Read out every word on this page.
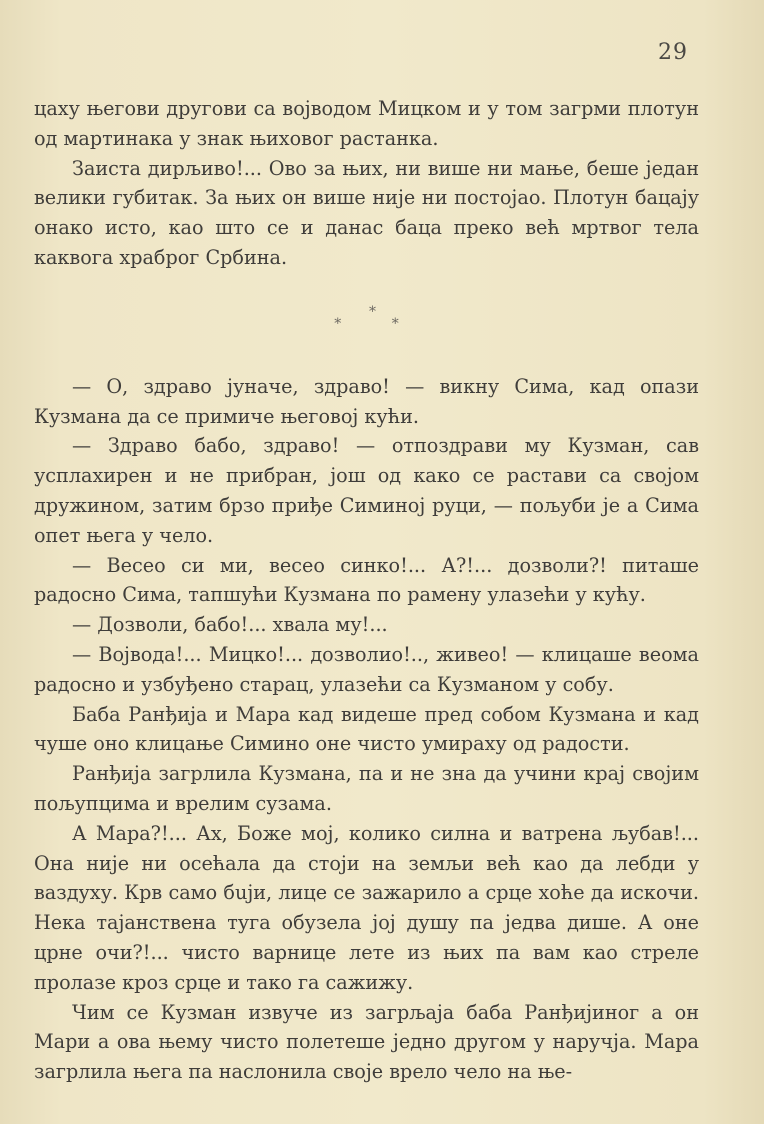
29

цаху његови другови са војводом Мицком и у том загрми плотун од мартинака у знак њиховог растанка.

Заиста дирљиво!... Ово за њих, ни више ни мање, беше један велики губитак. За њих он више није ни постојао. Плотун бацају онако исто, као што се и данас баца преко већ мртвог тела каквога храброг Србина.

*
*	*

— О, здраво јуначе, здраво! — викну Сима, кад опази Кузмана да се примиче његовој кући.

— Здраво бабо, здраво! — отпоздрави му Кузман, сав усплахирен и не прибран, још од како се растави са својом дружином, затим брзо приђе Симиној руци, — пољуби је а Сима опет њега у чело.

— Весео си ми, весео синко!... А?!... дозволи?! питаше радосно Сима, тапшући Кузмана по рамену улазећи у кућу.

— Дозволи, бабо!... хвала му!...

— Војвода!... Мицко!... дозволио!.., живео! — клицаше веома радосно и узбуђено старац, улазећи са Кузманом у собу.

Баба Ранђија и Мара кад видеше пред собом Кузмана и кад чуше оно клицање Симино оне чисто умираху од радости.

Ранђија загрлила Кузмана, па и не зна да учини крај својим пољупцима и врелим сузама.

А Мара?!... Ах, Боже мој, колико силна и ватрена љубав!... Она није ни осећала да стоји на земљи већ као да лебди у ваздуху. Крв само бuји, лице се зажарило а срце хоће да искочи. Нека тајанствена туга обузела јој душу па једва дише. А оне црне очи?!... чисто варнице лете из њих па вам као стреле пролазе кроз срце и тако га сажижу.

Чим се Кузман извуче из загрљаја баба Ранђијиног а он Мари а ова њему чисто полетеше једно другом у наручја. Мара загрлила њега па наслонила своје врело чело на ње-
